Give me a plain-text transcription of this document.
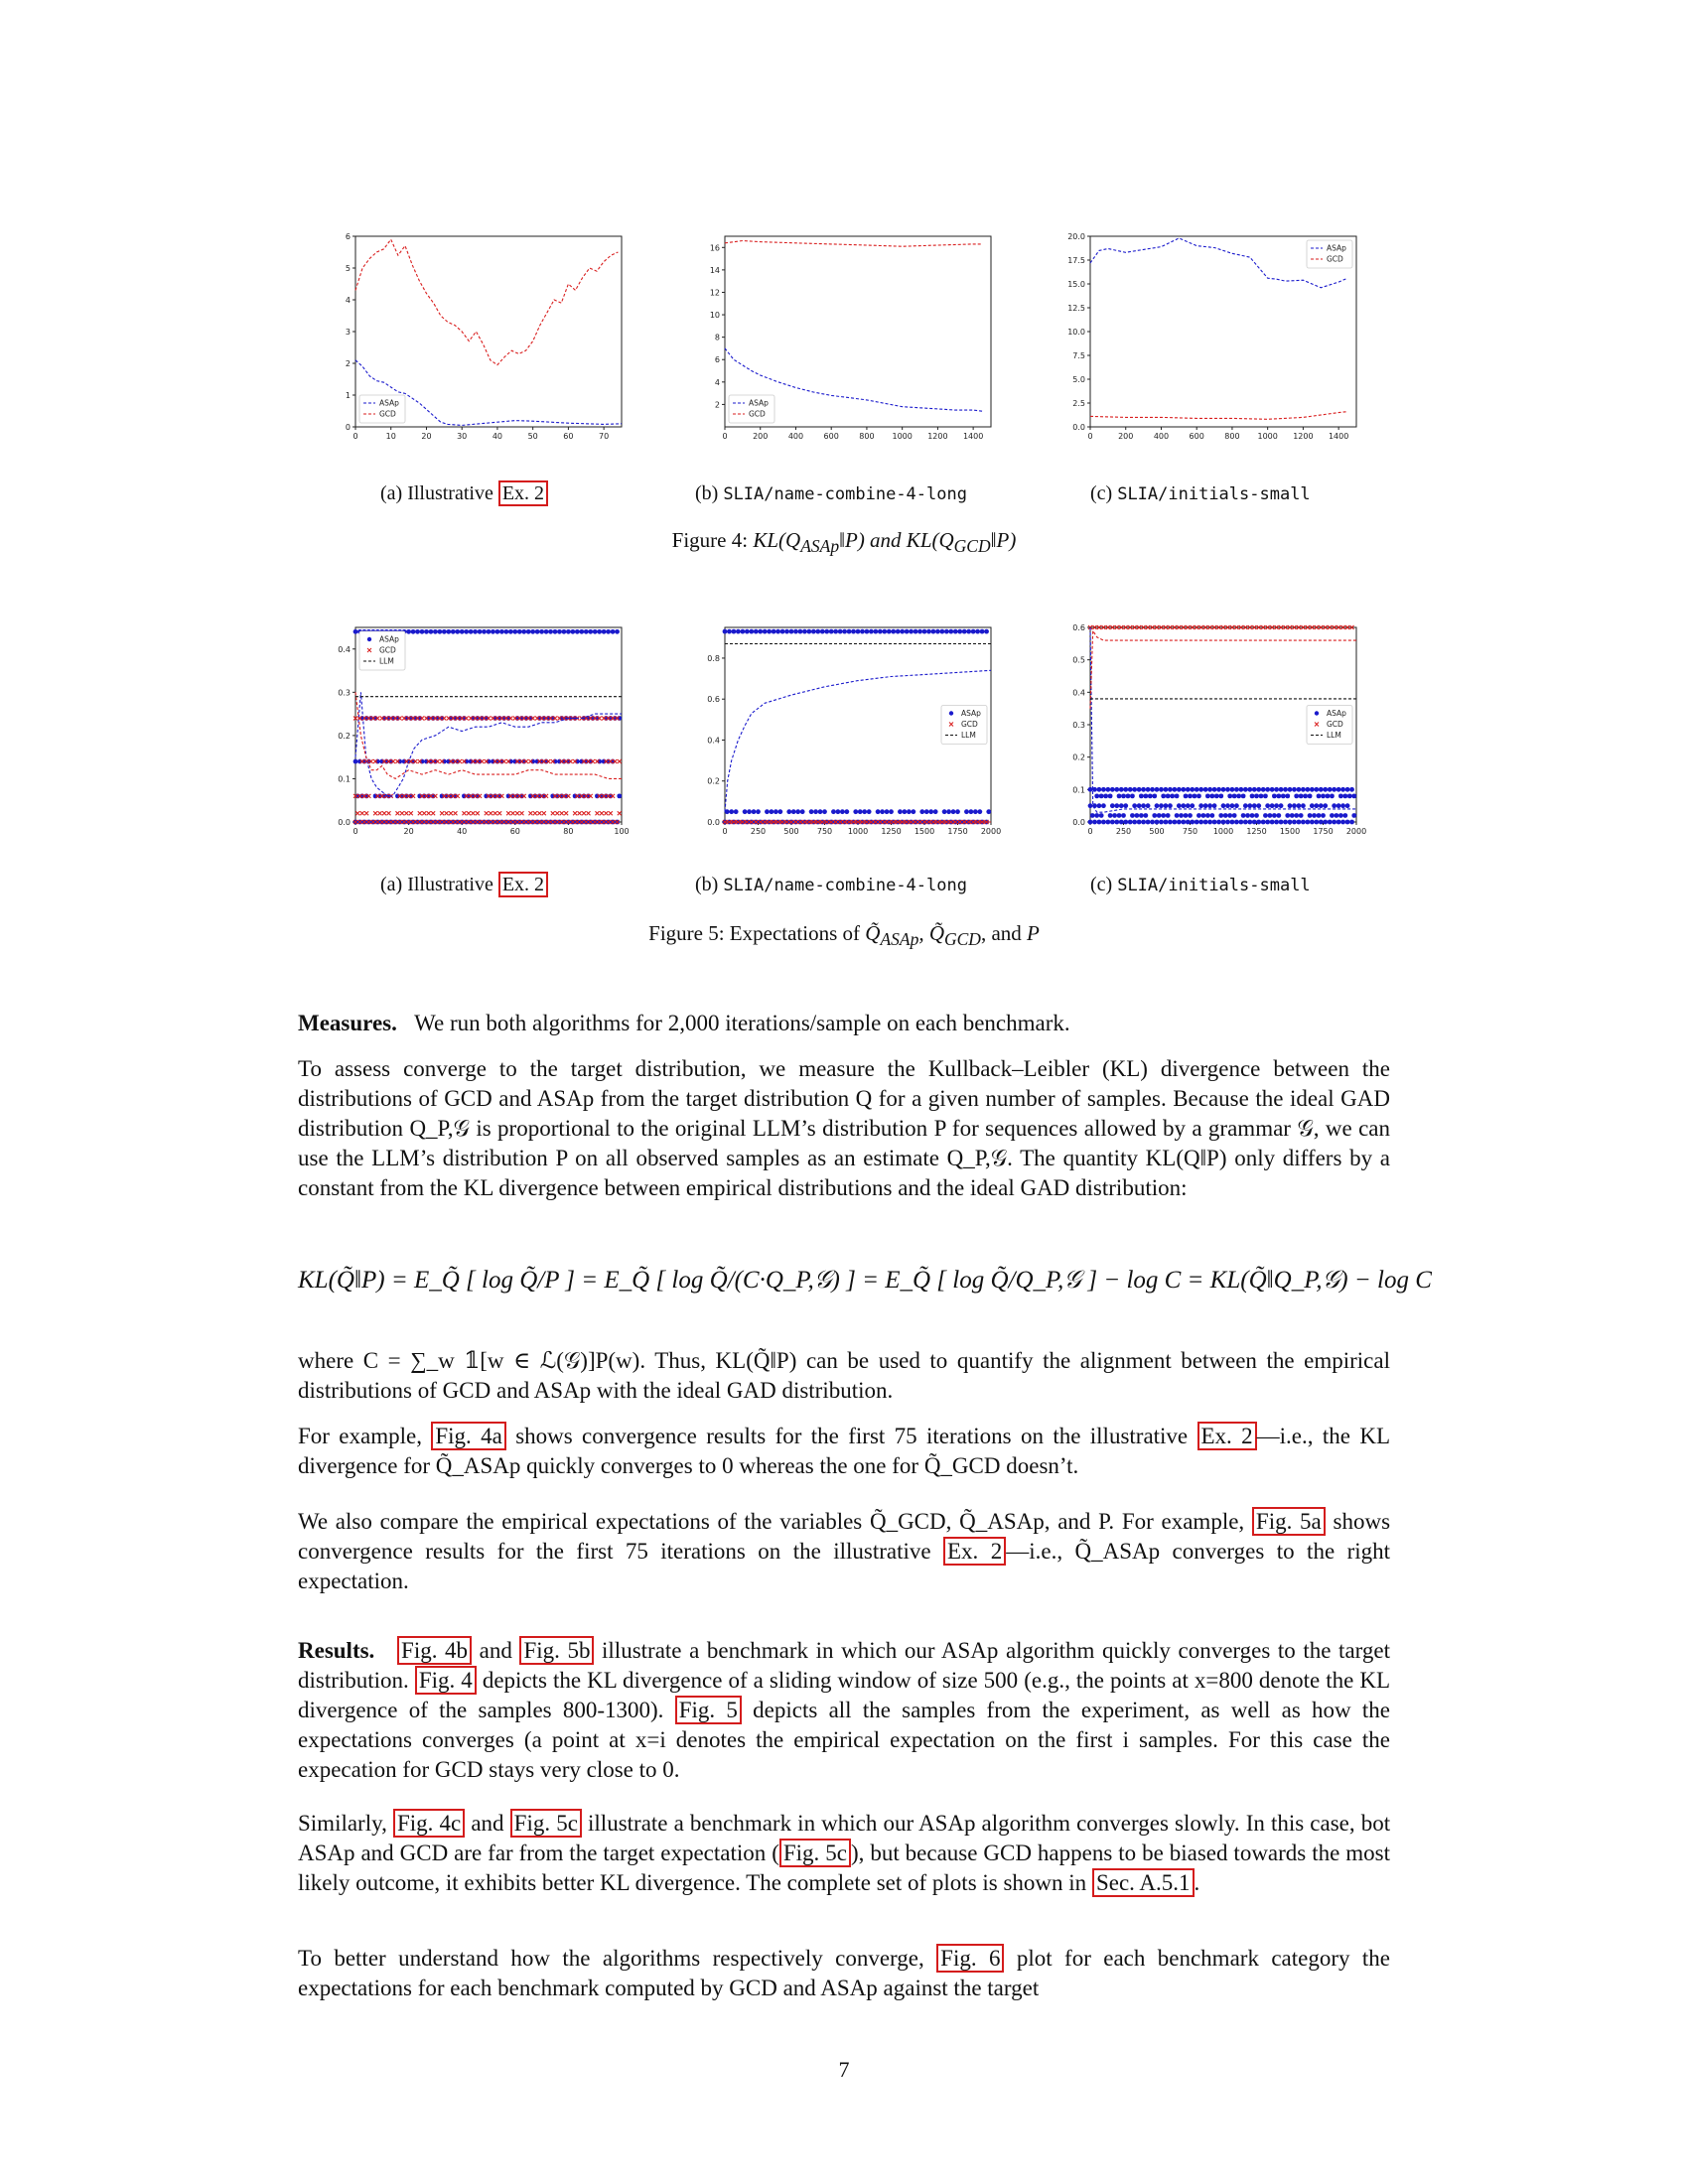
0	10	20	30	40	50	60	70
0
1
2
3
4
5
6
ASAp
GCD
0	200	400	600	800 1000 1200 1400
2
4
6
8
10
12
14
16
ASAp
GCD
0	200	400	600	800 1000 1200 1400
0.0
2.5
5.0
7.5
10.0
12.5
15.0
17.5
20.0
ASAp
GCD
(a) Illustrative Ex. 2	(b) SLIA/name-combine-4-long	(c) SLIA/initials-small
Figure 4: $KL(Q_{ASAp}‖P)$ and $KL(Q_{GCD}‖P)$
0	20	40	60	80	100
0.0
0.1
0.2
0.3
0.4
ASAp
GCD
LLM
0	250 500 750 1000 1250 1500 1750 2000
0.0
0.2
0.4
0.6
0.8
ASAp
GCD
LLM
0	250 500 750 1000 1250 1500 1750 2000
0.0
0.1
0.2
0.3
0.4
0.5
0.6
ASAp
GCD
LLM
(a) Illustrative Ex. 2	(b) SLIA/name-combine-4-long	(c) SLIA/initials-small
Figure 5: Expectations of $Q̃_{ASAp}$, $Q̃_{GCD}$, and P

Measures. We run both algorithms for 2,000 iterations/sample on each benchmark.

To assess converge to the target distribution, we measure the Kullback–Leibler (KL) divergence between the distributions of GCD and ASAp from the target distribution Q for a given number of samples. Because the ideal GAD distribution Q_P,𝒢 is proportional to the original LLM’s distribution P for sequences allowed by a grammar 𝒢, we can use the LLM’s distribution P on all observed samples as an estimate Q_P,𝒢. The quantity KL(Q‖P) only differs by a constant from the KL divergence between empirical distributions and the ideal GAD distribution:

KL(Q̃‖P) = E_Q̃ [ log Q̃/P ] = E_Q̃ [ log Q̃/(C·Q_P,𝒢) ] = E_Q̃ [ log Q̃/Q_P,𝒢 ] − log C = KL(Q̃‖Q_P,𝒢) − log C

where C = ∑_w 𝟙[w ∈ ℒ(𝒢)]P(w). Thus, KL(Q̃‖P) can be used to quantify the alignment between the empirical distributions of GCD and ASAp with the ideal GAD distribution.

For example, Fig. 4a shows convergence results for the first 75 iterations on the illustrative Ex. 2 —i.e., the KL divergence for Q̃_ASAp quickly converges to 0 whereas the one for Q̃_GCD doesn’t.

We also compare the empirical expectations of the variables Q̃_GCD, Q̃_ASAp, and P. For example, Fig. 5a shows convergence results for the first 75 iterations on the illustrative Ex. 2 —i.e., Q̃_ASAp converges to the right expectation.

Results. Fig. 4b and Fig. 5b illustrate a benchmark in which our ASAp algorithm quickly converges to the target distribution. Fig. 4 depicts the KL divergence of a sliding window of size 500 (e.g., the points at x=800 denote the KL divergence of the samples 800-1300). Fig. 5 depicts all the samples from the experiment, as well as how the expectations converges (a point at x=i denotes the empirical expectation on the first i samples. For this case the expecation for GCD stays very close to 0.

Similarly, Fig. 4c and Fig. 5c illustrate a benchmark in which our ASAp algorithm converges slowly. In this case, bot ASAp and GCD are far from the target expectation ( Fig. 5c ), but because GCD happens to be biased towards the most likely outcome, it exhibits better KL divergence. The complete set of plots is shown in Sec. A.5.1 .

To better understand how the algorithms respectively converge, Fig. 6 plot for each benchmark category the expectations for each benchmark computed by GCD and ASAp against the target

7
